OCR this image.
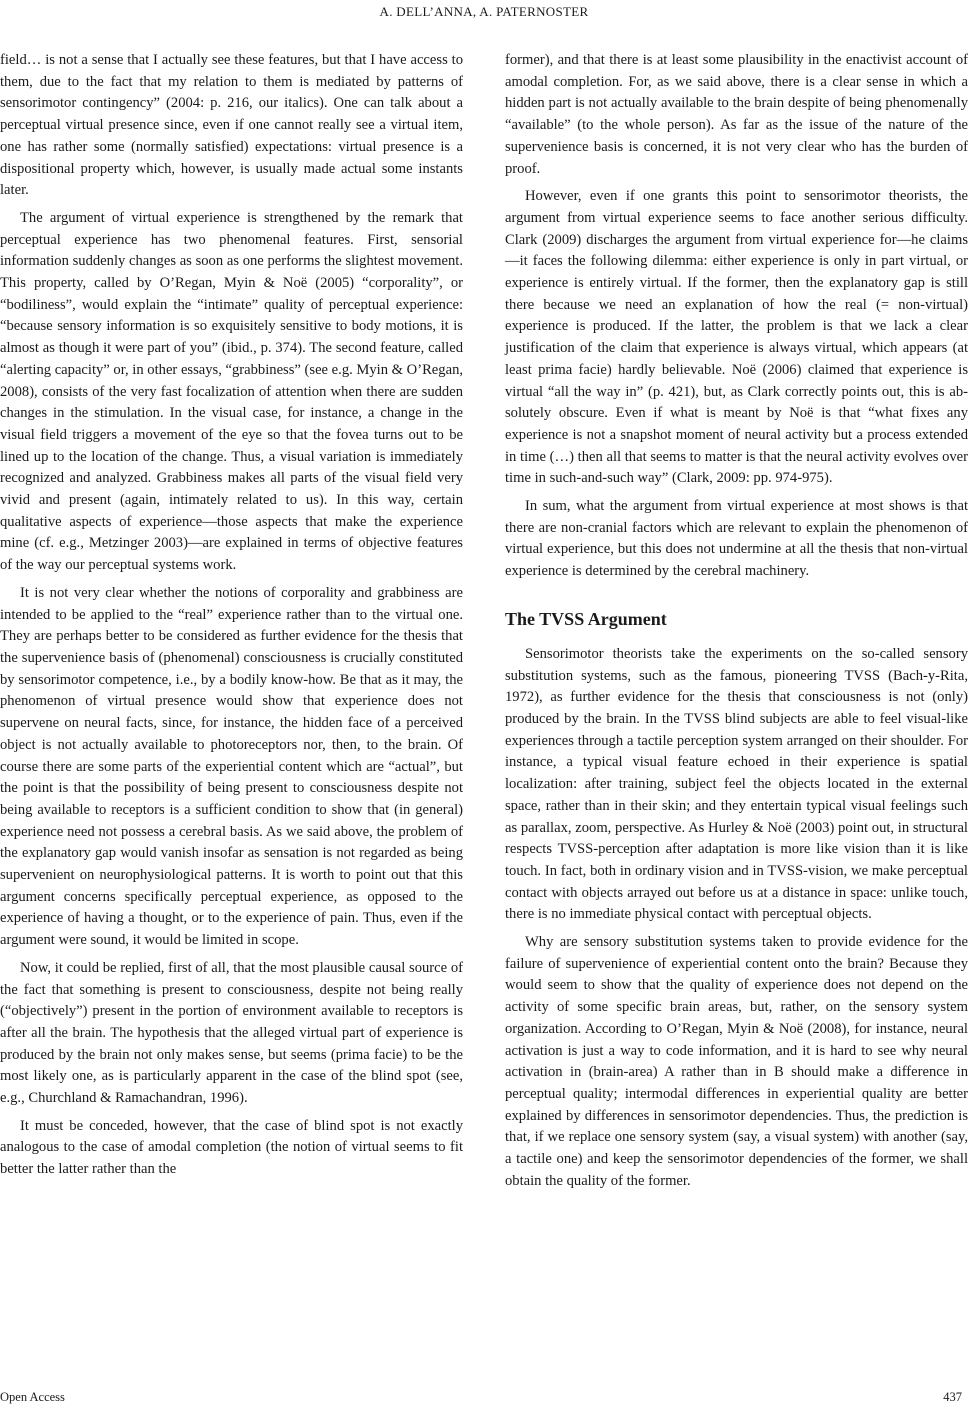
A. DELL’ANNA, A. PATERNOSTER

field… is not a sense that I actually see these features, but that I have access to them, due to the fact that my relation to them is mediated by patterns of sensorimotor contingency” (2004: p. 216, our italics). One can talk about a perceptual virtual presence since, even if one cannot really see a virtual item, one has rather some (normally satisfied) expectations: virtual presence is a dispositional property which, however, is usually made actual some instants later.

The argument of virtual experience is strengthened by the remark that perceptual experience has two phenomenal features. First, sensorial information suddenly changes as soon as one performs the slightest movement. This property, called by O’Regan, Myin & Noë (2005) “corporality”, or “bodiliness”, would explain the “intimate” quality of perceptual experience: “because sensory information is so exquisitely sensitive to body motions, it is almost as though it were part of you” (ibid., p. 374). The second feature, called “alerting capacity” or, in other essays, “grabbiness” (see e.g. Myin & O’Regan, 2008), consists of the very fast focalization of attention when there are sudden changes in the stimulation. In the visual case, for instance, a change in the visual field triggers a movement of the eye so that the fovea turns out to be lined up to the location of the change. Thus, a visual variation is immediately recognized and analyzed. Grabbiness makes all parts of the visual field very vivid and present (again, intimately related to us). In this way, certain qualitative aspects of experience—those aspects that make the experience mine (cf. e.g., Metzinger 2003)—are explained in terms of objective features of the way our perceptual systems work.

It is not very clear whether the notions of corporality and grabbiness are intended to be applied to the “real” experience rather than to the virtual one. They are perhaps better to be considered as further evidence for the thesis that the supervenience basis of (phenomenal) consciousness is crucially constituted by sensorimotor competence, i.e., by a bodily know-how. Be that as it may, the phenomenon of virtual presence would show that experience does not supervene on neural facts, since, for instance, the hidden face of a perceived object is not actually available to photoreceptors nor, then, to the brain. Of course there are some parts of the experiential content which are “actual”, but the point is that the possibility of being present to consciousness despite not being available to receptors is a sufficient condition to show that (in general) experience need not possess a cerebral basis. As we said above, the problem of the explanatory gap would vanish insofar as sensation is not regarded as being supervenient on neurophysiological patterns. It is worth to point out that this argument concerns specifically perceptual experience, as opposed to the experience of having a thought, or to the experience of pain. Thus, even if the argument were sound, it would be limited in scope.

Now, it could be replied, first of all, that the most plausible causal source of the fact that something is present to consciousness, despite not being really (“objectively”) present in the portion of environment available to receptors is after all the brain. The hypothesis that the alleged virtual part of experience is produced by the brain not only makes sense, but seems (prima facie) to be the most likely one, as is particularly apparent in the case of the blind spot (see, e.g., Churchland & Ramachandran, 1996).

It must be conceded, however, that the case of blind spot is not exactly analogous to the case of amodal completion (the notion of virtual seems to fit better the latter rather than the

former), and that there is at least some plausibility in the enactivist account of amodal completion. For, as we said above, there is a clear sense in which a hidden part is not actually available to the brain despite of being phenomenally “available” (to the whole person). As far as the issue of the nature of the supervenience basis is concerned, it is not very clear who has the burden of proof.

However, even if one grants this point to sensorimotor theorists, the argument from virtual experience seems to face another serious difficulty. Clark (2009) discharges the argument from virtual experience for—he claims—it faces the following dilemma: either experience is only in part virtual, or experience is entirely virtual. If the former, then the explanatory gap is still there because we need an explanation of how the real (= non-virtual) experience is produced. If the latter, the problem is that we lack a clear justification of the claim that experience is always virtual, which appears (at least prima facie) hardly believable. Noë (2006) claimed that experience is virtual “all the way in” (p. 421), but, as Clark correctly points out, this is absolutely obscure. Even if what is meant by Noë is that “what fixes any experience is not a snapshot moment of neural activity but a process extended in time (…) then all that seems to matter is that the neural activity evolves over time in such-and-such way” (Clark, 2009: pp. 974-975).

In sum, what the argument from virtual experience at most shows is that there are non-cranial factors which are relevant to explain the phenomenon of virtual experience, but this does not undermine at all the thesis that non-virtual experience is determined by the cerebral machinery.

The TVSS Argument

Sensorimotor theorists take the experiments on the so-called sensory substitution systems, such as the famous, pioneering TVSS (Bach-y-Rita, 1972), as further evidence for the thesis that consciousness is not (only) produced by the brain. In the TVSS blind subjects are able to feel visual-like experiences through a tactile perception system arranged on their shoulder. For instance, a typical visual feature echoed in their experience is spatial localization: after training, subject feel the objects located in the external space, rather than in their skin; and they entertain typical visual feelings such as parallax, zoom, perspective. As Hurley & Noë (2003) point out, in structural respects TVSS-perception after adaptation is more like vision than it is like touch. In fact, both in ordinary vision and in TVSS-vision, we make perceptual contact with objects arrayed out before us at a distance in space: unlike touch, there is no immediate physical contact with perceptual objects.

Why are sensory substitution systems taken to provide evidence for the failure of supervenience of experiential content onto the brain? Because they would seem to show that the quality of experience does not depend on the activity of some specific brain areas, but, rather, on the sensory system organization. According to O’Regan, Myin & Noë (2008), for instance, neural activation is just a way to code information, and it is hard to see why neural activation in (brain-area) A rather than in B should make a difference in perceptual quality; intermodal differences in experiential quality are better explained by differences in sensorimotor dependencies. Thus, the prediction is that, if we replace one sensory system (say, a visual system) with another (say, a tactile one) and keep the sensorimotor dependencies of the former, we shall obtain the quality of the former.

Open Access	437
